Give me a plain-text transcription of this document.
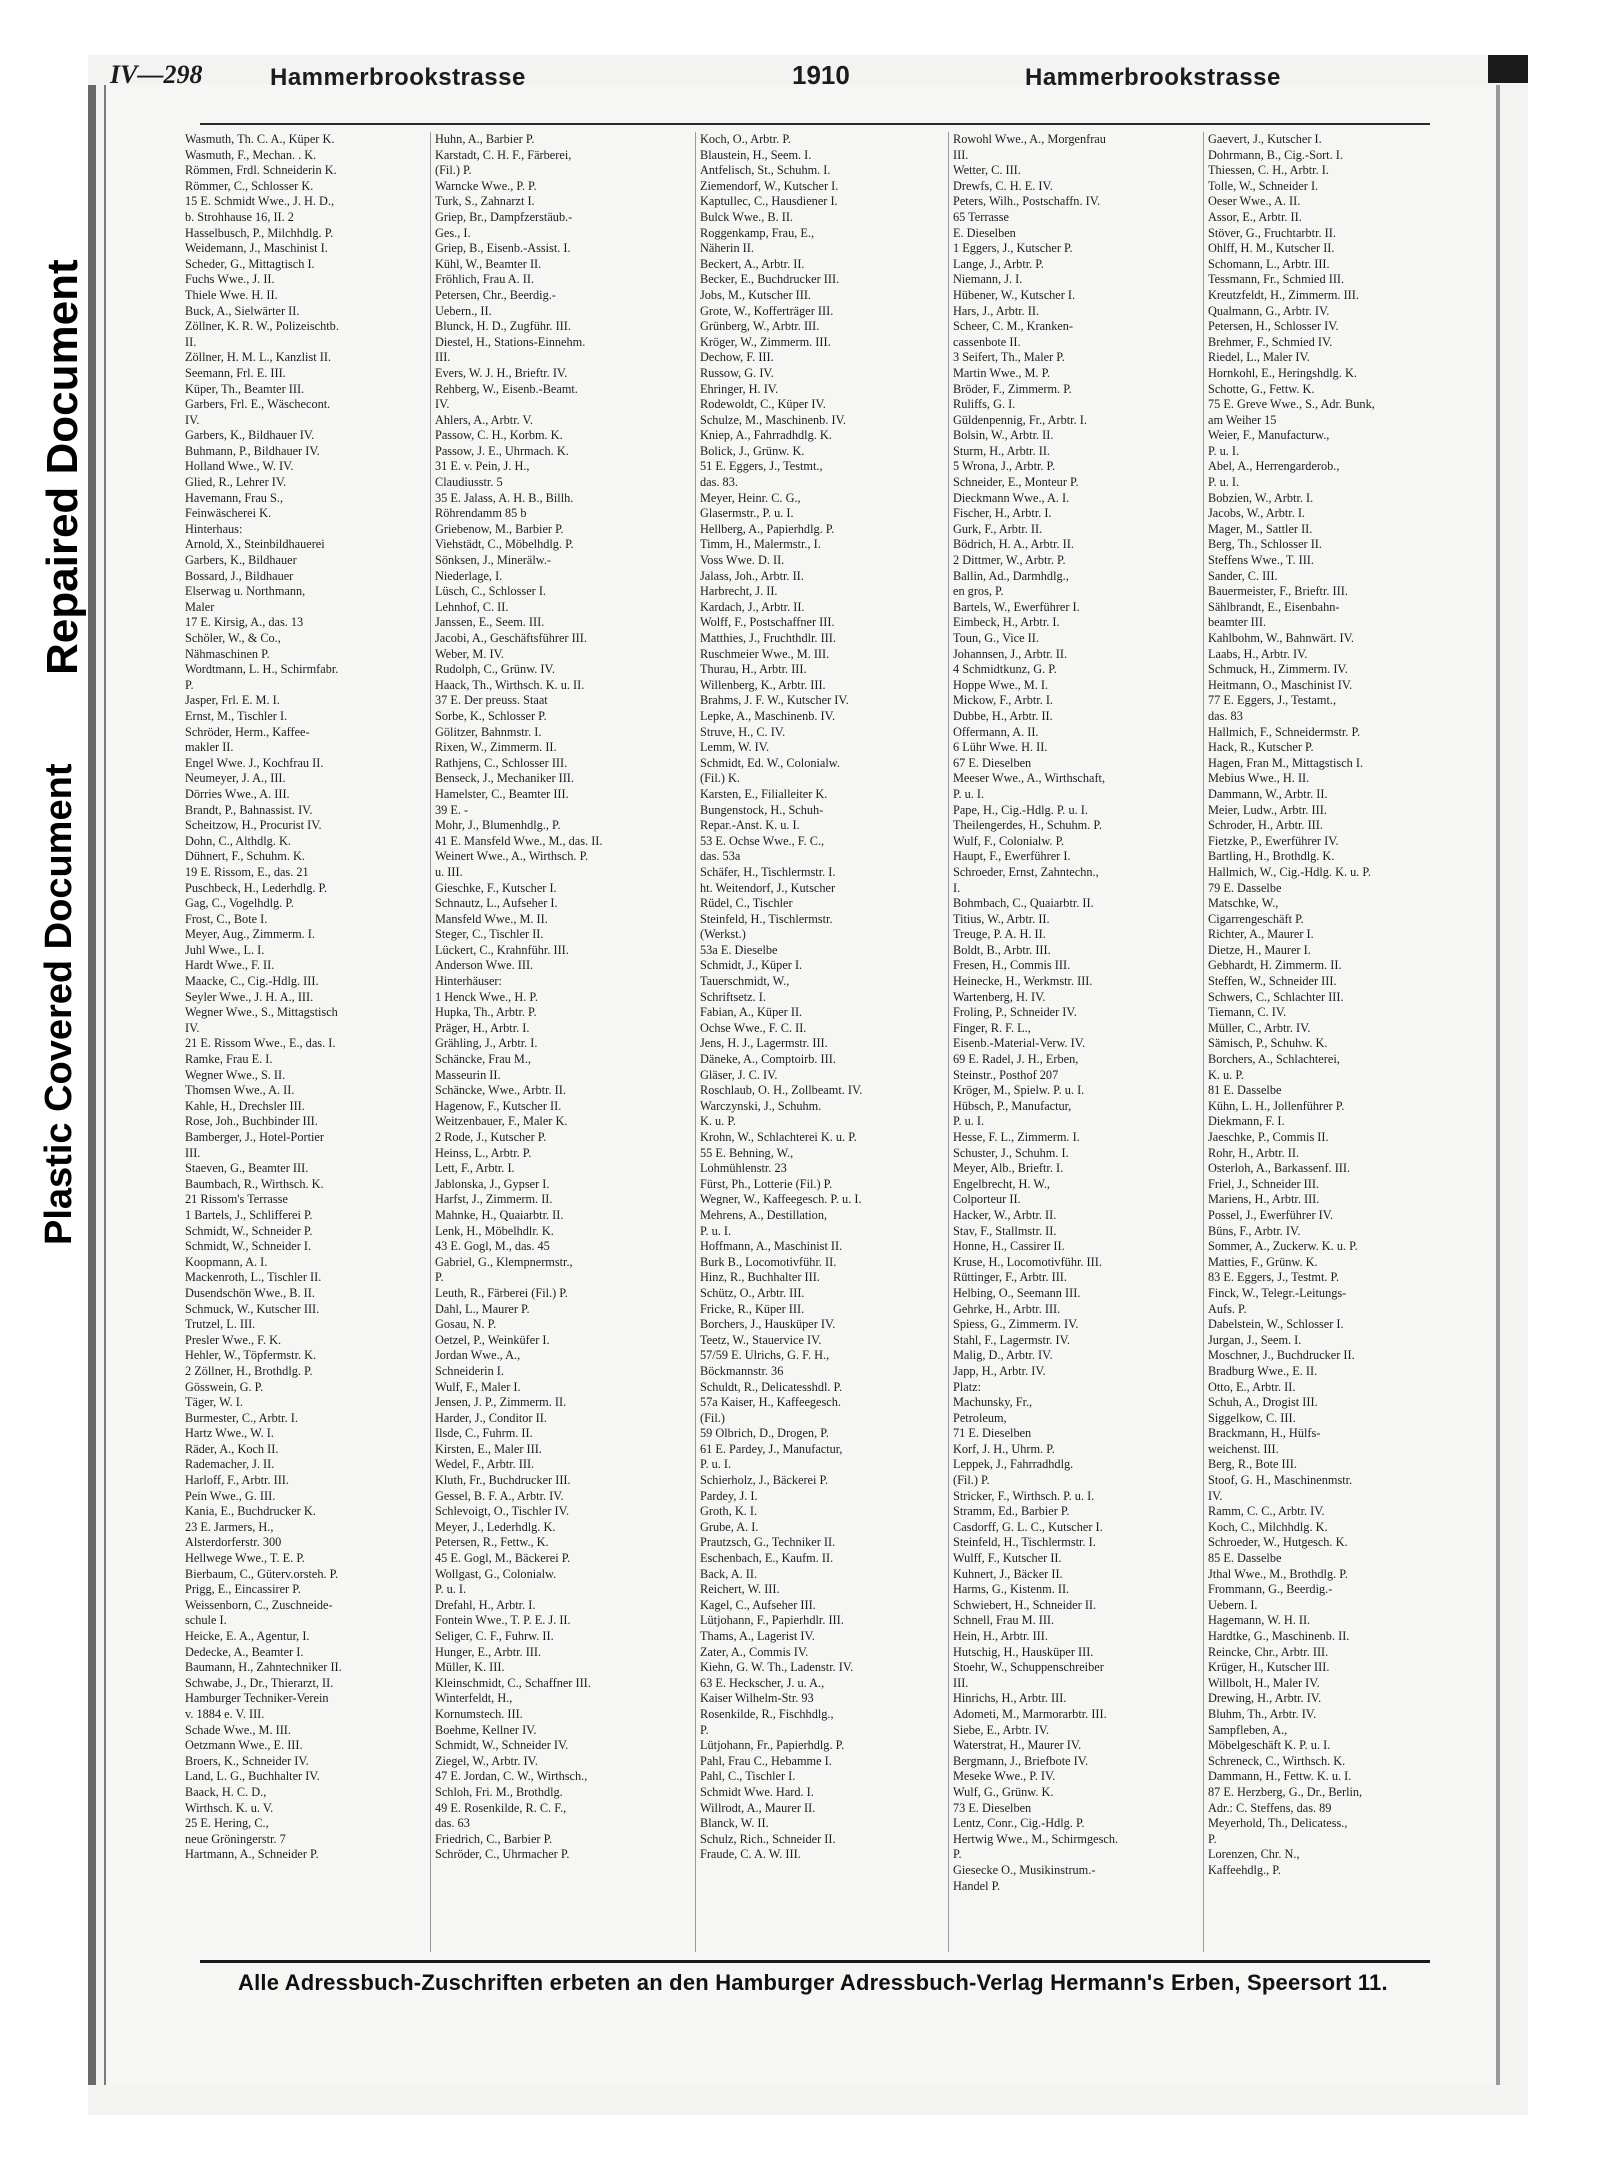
Plastic Covered Document
Repaired Document
IV—298	Hammerbrookstrasse	1910	Hammerbrookstrasse
Wasmuth, Th. C. A., Küper K.
Wasmuth, F., Mechan. . K.
Römmen, Frdl. Schneiderin K.
Römmer, C., Schlosser K.
15 E. Schmidt Wwe., J. H. D.,
b. Strohhause 16, II. 2
Hasselbusch, P., Milchhdlg. P.
Weidemann, J., Maschinist I.
Scheder, G., Mittagtisch I.
Fuchs Wwe., J. II.
Thiele Wwe. H. II.
Buck, A., Sielwärter II.
Zöllner, K. R. W., Polizeischtb.
II.
Zöllner, H. M. L., Kanzlist II.
Seemann, Frl. E. III.
Küper, Th., Beamter III.
Garbers, Frl. E., Wäschecont.
IV.
Garbers, K., Bildhauer IV.
Buhmann, P., Bildhauer IV.
Holland Wwe., W. IV.
Glied, R., Lehrer IV.
Havemann, Frau S.,
Feinwäscherei K.
Hinterhaus:
Arnold, X., Steinbildhauerei
Garbers, K., Bildhauer
Bossard, J., Bildhauer
Elserwag u. Northmann,
Maler
17 E. Kirsig, A., das. 13
Schöler, W., & Co.,
Nähmaschinen P.
Wordtmann, L. H., Schirmfabr.
P.
Jasper, Frl. E. M. I.
Ernst, M., Tischler I.
Schröder, Herm., Kaffee-
makler II.
Engel Wwe. J., Kochfrau II.
Neumeyer, J. A., III.
Dörries Wwe., A. III.
Brandt, P., Bahnassist. IV.
Scheitzow, H., Procurist IV.
Dohn, C., Althdlg. K.
Dühnert, F., Schuhm. K.
19 E. Rissom, E., das. 21
Puschbeck, H., Lederhdlg. P.
Gag, C., Vogelhdlg. P.
Frost, C., Bote I.
Meyer, Aug., Zimmerm. I.
Juhl Wwe., L. I.
Hardt Wwe., F. II.
Maacke, C., Cig.-Hdlg. III.
Seyler Wwe., J. H. A., III.
Wegner Wwe., S., Mittagstisch
IV.
21 E. Rissom Wwe., E., das. I.
Ramke, Frau E. I.
Wegner Wwe., S. II.
Thomsen Wwe., A. II.
Kahle, H., Drechsler III.
Rose, Joh., Buchbinder III.
Bamberger, J., Hotel-Portier
III.
Staeven, G., Beamter III.
Baumbach, R., Wirthsch. K.
21 Rissom's Terrasse
1 Bartels, J., Schlifferei P.
Schmidt, W., Schneider P.
Schmidt, W., Schneider I.
Koopmann, A. I.
Mackenroth, L., Tischler II.
Dusendschön Wwe., B. II.
Schmuck, W., Kutscher III.
Trutzel, L. III.
Presler Wwe., F. K.
Hehler, W., Töpfermstr. K.
2 Zöllner, H., Brothdlg. P.
Gösswein, G. P.
Täger, W. I.
Burmester, C., Arbtr. I.
Hartz Wwe., W. I.
Räder, A., Koch II.
Rademacher, J. II.
Harloff, F., Arbtr. III.
Pein Wwe., G. III.
Kania, E., Buchdrucker K.
23 E. Jarmers, H.,
Alsterdorferstr. 300
Hellwege Wwe., T. E. P.
Bierbaum, C., Güterv.orsteh. P.
Prigg, E., Eincassirer P.
Weissenborn, C., Zuschneide-
schule I.
Heicke, E. A., Agentur, I.
Dedecke, A., Beamter I.
Baumann, H., Zahntechniker II.
Schwabe, J., Dr., Thierarzt, II.
Hamburger Techniker-Verein
v. 1884 e. V. III.
Schade Wwe., M. III.
Oetzmann Wwe., E. III.
Broers, K., Schneider IV.
Land, L. G., Buchhalter IV.
Baack, H. C. D.,
Wirthsch. K. u. V.
25 E. Hering, C.,
neue Gröningerstr. 7
Hartmann, A., Schneider P.
Huhn, A., Barbier P.
Karstadt, C. H. F., Färberei,
(Fil.) P.
Warncke Wwe., P. P.
Turk, S., Zahnarzt I.
Griep, Br., Dampfzerstäub.-
Ges., I.
Griep, B., Eisenb.-Assist. I.
Kühl, W., Beamter II.
Fröhlich, Frau A. II.
Petersen, Chr., Beerdig.-
Uebern., II.
Blunck, H. D., Zugführ. III.
Diestel, H., Stations-Einnehm.
III.
Evers, W. J. H., Brieftr. IV.
Rehberg, W., Eisenb.-Beamt.
IV.
Ahlers, A., Arbtr. V.
Passow, C. H., Korbm. K.
Passow, J. E., Uhrmach. K.
31 E. v. Pein, J. H.,
Claudiusstr. 5
35 E. Jalass, A. H. B., Billh.
Röhrendamm 85 b
Griebenow, M., Barbier P.
Viehstädt, C., Möbelhdlg. P.
Sönksen, J., Minerälw.-
Niederlage, I.
Lüsch, C., Schlosser I.
Lehnhof, C. II.
Janssen, E., Seem. III.
Jacobi, A., Geschäftsführer III.
Weber, M. IV.
Rudolph, C., Grünw. IV.
Haack, Th., Wirthsch. K. u. II.
37 E. Der preuss. Staat
Sorbe, K., Schlosser P.
Gölitzer, Bahnmstr. I.
Rixen, W., Zimmerm. II.
Rathjens, C., Schlosser III.
Benseck, J., Mechaniker III.
Hamelster, C., Beamter III.
39 E. -
Mohr, J., Blumenhdlg., P.
41 E. Mansfeld Wwe., M., das. II.
Weinert Wwe., A., Wirthsch. P.
u. III.
Gieschke, F., Kutscher I.
Schnautz, L., Aufseher I.
Mansfeld Wwe., M. II.
Steger, C., Tischler II.
Lückert, C., Krahnführ. III.
Anderson Wwe. III.
Hinterhäuser:
1 Henck Wwe., H. P.
Hupka, Th., Arbtr. P.
Präger, H., Arbtr. I.
Grähling, J., Arbtr. I.
Schäncke, Frau M.,
Masseurin II.
Schäncke, Wwe., Arbtr. II.
Hagenow, F., Kutscher II.
Weitzenbauer, F., Maler K.
2 Rode, J., Kutscher P.
Heinss, L., Arbtr. P.
Lett, F., Arbtr. I.
Jablonska, J., Gypser I.
Harfst, J., Zimmerm. II.
Mahnke, H., Quaiarbtr. II.
Lenk, H., Möbelhdlr. K.
43 E. Gogl, M., das. 45
Gabriel, G., Klempnermstr.,
P.
Leuth, R., Färberei (Fil.) P.
Dahl, L., Maurer P.
Gosau, N. P.
Oetzel, P., Weinküfer I.
Jordan Wwe., A.,
Schneiderin I.
Wulf, F., Maler I.
Jensen, J. P., Zimmerm. II.
Harder, J., Conditor II.
Ilsde, C., Fuhrm. II.
Kirsten, E., Maler III.
Wedel, F., Arbtr. III.
Kluth, Fr., Buchdrucker III.
Gessel, B. F. A., Arbtr. IV.
Schlevoigt, O., Tischler IV.
Meyer, J., Lederhdlg. K.
Petersen, R., Fettw., K.
45 E. Gogl, M., Bäckerei P.
Wollgast, G., Colonialw.
P. u. I.
Drefahl, H., Arbtr. I.
Fontein Wwe., T. P. E. J. II.
Seliger, C. F., Fuhrw. II.
Hunger, E., Arbtr. III.
Müller, K. III.
Kleinschmidt, C., Schaffner III.
Winterfeldt, H.,
Kornumstech. III.
Boehme, Kellner IV.
Schmidt, W., Schneider IV.
Ziegel, W., Arbtr. IV.
47 E. Jordan, C. W., Wirthsch.,
Schloh, Fri. M., Brothdlg.
49 E. Rosenkilde, R. C. F.,
das. 63
Friedrich, C., Barbier P.
Schröder, C., Uhrmacher P.
Koch, O., Arbtr. P.
Blaustein, H., Seem. I.
Antfelisch, St., Schuhm. I.
Ziemendorf, W., Kutscher I.
Kaptullec, C., Hausdiener I.
Bulck Wwe., B. II.
Roggenkamp, Frau, E.,
Näherin II.
Beckert, A., Arbtr. II.
Becker, E., Buchdrucker III.
Jobs, M., Kutscher III.
Grote, W., Kofferträger III.
Grünberg, W., Arbtr. III.
Kröger, W., Zimmerm. III.
Dechow, F. III.
Russow, G. IV.
Ehringer, H. IV.
Rodewoldt, C., Küper IV.
Schulze, M., Maschinenb. IV.
Kniep, A., Fahrradhdlg. K.
Bolick, J., Grünw. K.
51 E. Eggers, J., Testmt.,
das. 83.
Meyer, Heinr. C. G.,
Glasermstr., P. u. I.
Hellberg, A., Papierhdlg. P.
Timm, H., Malermstr., I.
Voss Wwe. D. II.
Jalass, Joh., Arbtr. II.
Harbrecht, J. II.
Kardach, J., Arbtr. II.
Wolff, F., Postschaffner III.
Matthies, J., Fruchthdlr. III.
Ruschmeier Wwe., M. III.
Thurau, H., Arbtr. III.
Willenberg, K., Arbtr. III.
Brahms, J. F. W., Kutscher IV.
Lepke, A., Maschinenb. IV.
Struve, H., C. IV.
Lemm, W. IV.
Schmidt, Ed. W., Colonialw.
(Fil.) K.
Karsten, E., Filialleiter K.
Bungenstock, H., Schuh-
Repar.-Anst. K. u. I.
53 E. Ochse Wwe., F. C.,
das. 53a
Schäfer, H., Tischlermstr. I.
ht. Weitendorf, J., Kutscher
Rüdel, C., Tischler
Steinfeld, H., Tischlermstr.
(Werkst.)
53a E. Dieselbe
Schmidt, J., Küper I.
Tauerschmidt, W.,
Schriftsetz. I.
Fabian, A., Küper II.
Ochse Wwe., F. C. II.
Jens, H. J., Lagermstr. III.
Däneke, A., Comptoirb. III.
Gläser, J. C. IV.
Roschlaub, O. H., Zollbeamt. IV.
Warczynski, J., Schuhm.
K. u. P.
Krohn, W., Schlachterei K. u. P.
55 E. Behning, W.,
Lohmühlenstr. 23
Fürst, Ph., Lotterie (Fil.) P.
Wegner, W., Kaffeegesch. P. u. I.
Mehrens, A., Destillation,
P. u. I.
Hoffmann, A., Maschinist II.
Burk B., Locomotivführ. II.
Hinz, R., Buchhalter III.
Schütz, O., Arbtr. III.
Fricke, R., Küper III.
Borchers, J., Hausküper IV.
Teetz, W., Stauervice IV.
57/59 E. Ulrichs, G. F. H.,
Böckmannstr. 36
Schuldt, R., Delicatesshdl. P.
57a Kaiser, H., Kaffeegesch.
(Fil.)
59 Olbrich, D., Drogen, P.
61 E. Pardey, J., Manufactur,
P. u. I.
Schierholz, J., Bäckerei P.
Pardey, J. I.
Groth, K. I.
Grube, A. I.
Prautzsch, G., Techniker II.
Eschenbach, E., Kaufm. II.
Back, A. II.
Reichert, W. III.
Kagel, C., Aufseher III.
Lütjohann, F., Papierhdlr. III.
Thams, A., Lagerist IV.
Zater, A., Commis IV.
Kiehn, G. W. Th., Ladenstr. IV.
63 E. Heckscher, J. u. A.,
Kaiser Wilhelm-Str. 93
Rosenkilde, R., Fischhdlg.,
P.
Lütjohann, Fr., Papierhdlg. P.
Pahl, Frau C., Hebamme I.
Pahl, C., Tischler I.
Schmidt Wwe. Hard. I.
Willrodt, A., Maurer II.
Blanck, W. II.
Schulz, Rich., Schneider II.
Fraude, C. A. W. III.
Rowohl Wwe., A., Morgenfrau
III.
Wetter, C. III.
Drewfs, C. H. E. IV.
Peters, Wilh., Postschaffn. IV.
65 Terrasse
E. Dieselben
1 Eggers, J., Kutscher P.
Lange, J., Arbtr. P.
Niemann, J. I.
Hübener, W., Kutscher I.
Hars, J., Arbtr. II.
Scheer, C. M., Kranken-
cassenbote II.
3 Seifert, Th., Maler P.
Martin Wwe., M. P.
Bröder, F., Zimmerm. P.
Ruliffs, G. I.
Güldenpennig, Fr., Arbtr. I.
Bolsin, W., Arbtr. II.
Sturm, H., Arbtr. II.
5 Wrona, J., Arbtr. P.
Schneider, E., Monteur P.
Dieckmann Wwe., A. I.
Fischer, H., Arbtr. I.
Gurk, F., Arbtr. II.
Bödrich, H. A., Arbtr. II.
2 Dittmer, W., Arbtr. P.
Ballin, Ad., Darmhdlg.,
en gros, P.
Bartels, W., Ewerführer I.
Eimbeck, H., Arbtr. I.
Toun, G., Vice II.
Johannsen, J., Arbtr. II.
4 Schmidtkunz, G. P.
Hoppe Wwe., M. I.
Mickow, F., Arbtr. I.
Dubbe, H., Arbtr. II.
Offermann, A. II.
6 Lühr Wwe. H. II.
67 E. Dieselben
Meeser Wwe., A., Wirthschaft,
P. u. I.
Pape, H., Cig.-Hdlg. P. u. I.
Theilengerdes, H., Schuhm. P.
Wulf, F., Colonialw. P.
Haupt, F., Ewerführer I.
Schroeder, Ernst, Zahntechn.,
I.
Bohmbach, C., Quaiarbtr. II.
Titius, W., Arbtr. II.
Treuge, P. A. H. II.
Boldt, B., Arbtr. III.
Fresen, H., Commis III.
Heinecke, H., Werkmstr. III.
Wartenberg, H. IV.
Froling, P., Schneider IV.
Finger, R. F. L.,
Eisenb.-Material-Verw. IV.
69 E. Radel, J. H., Erben,
Steinstr., Posthof 207
Kröger, M., Spielw. P. u. I.
Hübsch, P., Manufactur,
P. u. I.
Hesse, F. L., Zimmerm. I.
Schuster, J., Schuhm. I.
Meyer, Alb., Brieftr. I.
Engelbrecht, H. W.,
Colporteur II.
Hacker, W., Arbtr. II.
Stav, F., Stallmstr. II.
Honne, H., Cassirer II.
Kruse, H., Locomotivführ. III.
Rüttinger, F., Arbtr. III.
Helbing, O., Seemann III.
Gehrke, H., Arbtr. III.
Spiess, G., Zimmerm. IV.
Stahl, F., Lagermstr. IV.
Malig, D., Arbtr. IV.
Japp, H., Arbtr. IV.
Platz:
Machunsky, Fr.,
Petroleum,
71 E. Dieselben
Korf, J. H., Uhrm. P.
Leppek, J., Fahrradhdlg.
(Fil.) P.
Stricker, F., Wirthsch. P. u. I.
Stramm, Ed., Barbier P.
Casdorff, G. L. C., Kutscher I.
Steinfeld, H., Tischlermstr. I.
Wulff, F., Kutscher II.
Kuhnert, J., Bäcker II.
Harms, G., Kistenm. II.
Schwiebert, H., Schneider II.
Schnell, Frau M. III.
Hein, H., Arbtr. III.
Hutschig, H., Hausküper III.
Stoehr, W., Schuppenschreiber
III.
Hinrichs, H., Arbtr. III.
Adometi, M., Marmorarbtr. III.
Siebe, E., Arbtr. IV.
Waterstrat, H., Maurer IV.
Bergmann, J., Briefbote IV.
Meseke Wwe., P. IV.
Wulf, G., Grünw. K.
73 E. Dieselben
Lentz, Conr., Cig.-Hdlg. P.
Hertwig Wwe., M., Schirmgesch.
P.
Giesecke O., Musikinstrum.-
Handel P.
Gaevert, J., Kutscher I.
Dohrmann, B., Cig.-Sort. I.
Thiessen, C. H., Arbtr. I.
Tolle, W., Schneider I.
Oeser Wwe., A. II.
Assor, E., Arbtr. II.
Stöver, G., Fruchtarbtr. II.
Ohlff, H. M., Kutscher II.
Schomann, L., Arbtr. III.
Tessmann, Fr., Schmied III.
Kreutzfeldt, H., Zimmerm. III.
Qualmann, G., Arbtr. IV.
Petersen, H., Schlosser IV.
Brehmer, F., Schmied IV.
Riedel, L., Maler IV.
Hornkohl, E., Heringshdlg. K.
Schotte, G., Fettw. K.
75 E. Greve Wwe., S., Adr. Bunk,
am Weiher 15
Weier, F., Manufacturw.,
P. u. I.
Abel, A., Herrengarderob.,
P. u. I.
Bobzien, W., Arbtr. I.
Jacobs, W., Arbtr. I.
Mager, M., Sattler II.
Berg, Th., Schlosser II.
Steffens Wwe., T. III.
Sander, C. III.
Bauermeister, F., Brieftr. III.
Sählbrandt, E., Eisenbahn-
beamter III.
Kahlbohm, W., Bahnwärt. IV.
Laabs, H., Arbtr. IV.
Schmuck, H., Zimmerm. IV.
Heitmann, O., Maschinist IV.
77 E. Eggers, J., Testamt.,
das. 83
Hallmich, F., Schneidermstr. P.
Hack, R., Kutscher P.
Hagen, Fran M., Mittagstisch I.
Mebius Wwe., H. II.
Dammann, W., Arbtr. II.
Meier, Ludw., Arbtr. III.
Schroder, H., Arbtr. III.
Fietzke, P., Ewerführer IV.
Bartling, H., Brothdlg. K.
Hallmich, W., Cig.-Hdlg. K. u. P.
79 E. Dasselbe
Matschke, W.,
Cigarrengeschäft P.
Richter, A., Maurer I.
Dietze, H., Maurer I.
Gebhardt, H. Zimmerm. II.
Steffen, W., Schneider III.
Schwers, C., Schlachter III.
Tiemann, C. IV.
Müller, C., Arbtr. IV.
Sämisch, P., Schuhw. K.
Borchers, A., Schlachterei,
K. u. P.
81 E. Dasselbe
Kühn, L. H., Jollenführer P.
Diekmann, F. I.
Jaeschke, P., Commis II.
Rohr, H., Arbtr. II.
Osterloh, A., Barkassenf. III.
Friel, J., Schneider III.
Mariens, H., Arbtr. III.
Possel, J., Ewerführer IV.
Büns, F., Arbtr. IV.
Sommer, A., Zuckerw. K. u. P.
Matties, F., Grünw. K.
83 E. Eggers, J., Testmt. P.
Finck, W., Telegr.-Leitungs-
Aufs. P.
Dabelstein, W., Schlosser I.
Jurgan, J., Seem. I.
Moschner, J., Buchdrucker II.
Bradburg Wwe., E. II.
Otto, E., Arbtr. II.
Schuh, A., Drogist III.
Siggelkow, C. III.
Brackmann, H., Hülfs-
weichenst. III.
Berg, R., Bote III.
Stoof, G. H., Maschinenmstr.
IV.
Ramm, C. C., Arbtr. IV.
Koch, C., Milchhdlg. K.
Schroeder, W., Hutgesch. K.
85 E. Dasselbe
Jthal Wwe., M., Brothdlg. P.
Frommann, G., Beerdig.-
Uebern. I.
Hagemann, W. H. II.
Hardtke, G., Maschinenb. II.
Reincke, Chr., Arbtr. III.
Krüger, H., Kutscher III.
Willbolt, H., Maler IV.
Drewing, H., Arbtr. IV.
Bluhm, Th., Arbtr. IV.
Sampfleben, A.,
Möbelgeschäft K. P. u. I.
Schreneck, C., Wirthsch. K.
Dammann, H., Fettw. K. u. I.
87 E. Herzberg, G., Dr., Berlin,
Adr.: C. Steffens, das. 89
Meyerhold, Th., Delicatess.,
P.
Lorenzen, Chr. N.,
Kaffeehdlg., P.
Alle Adressbuch-Zuschriften erbeten an den Hamburger Adressbuch-Verlag Hermann's Erben, Speersort 11.
